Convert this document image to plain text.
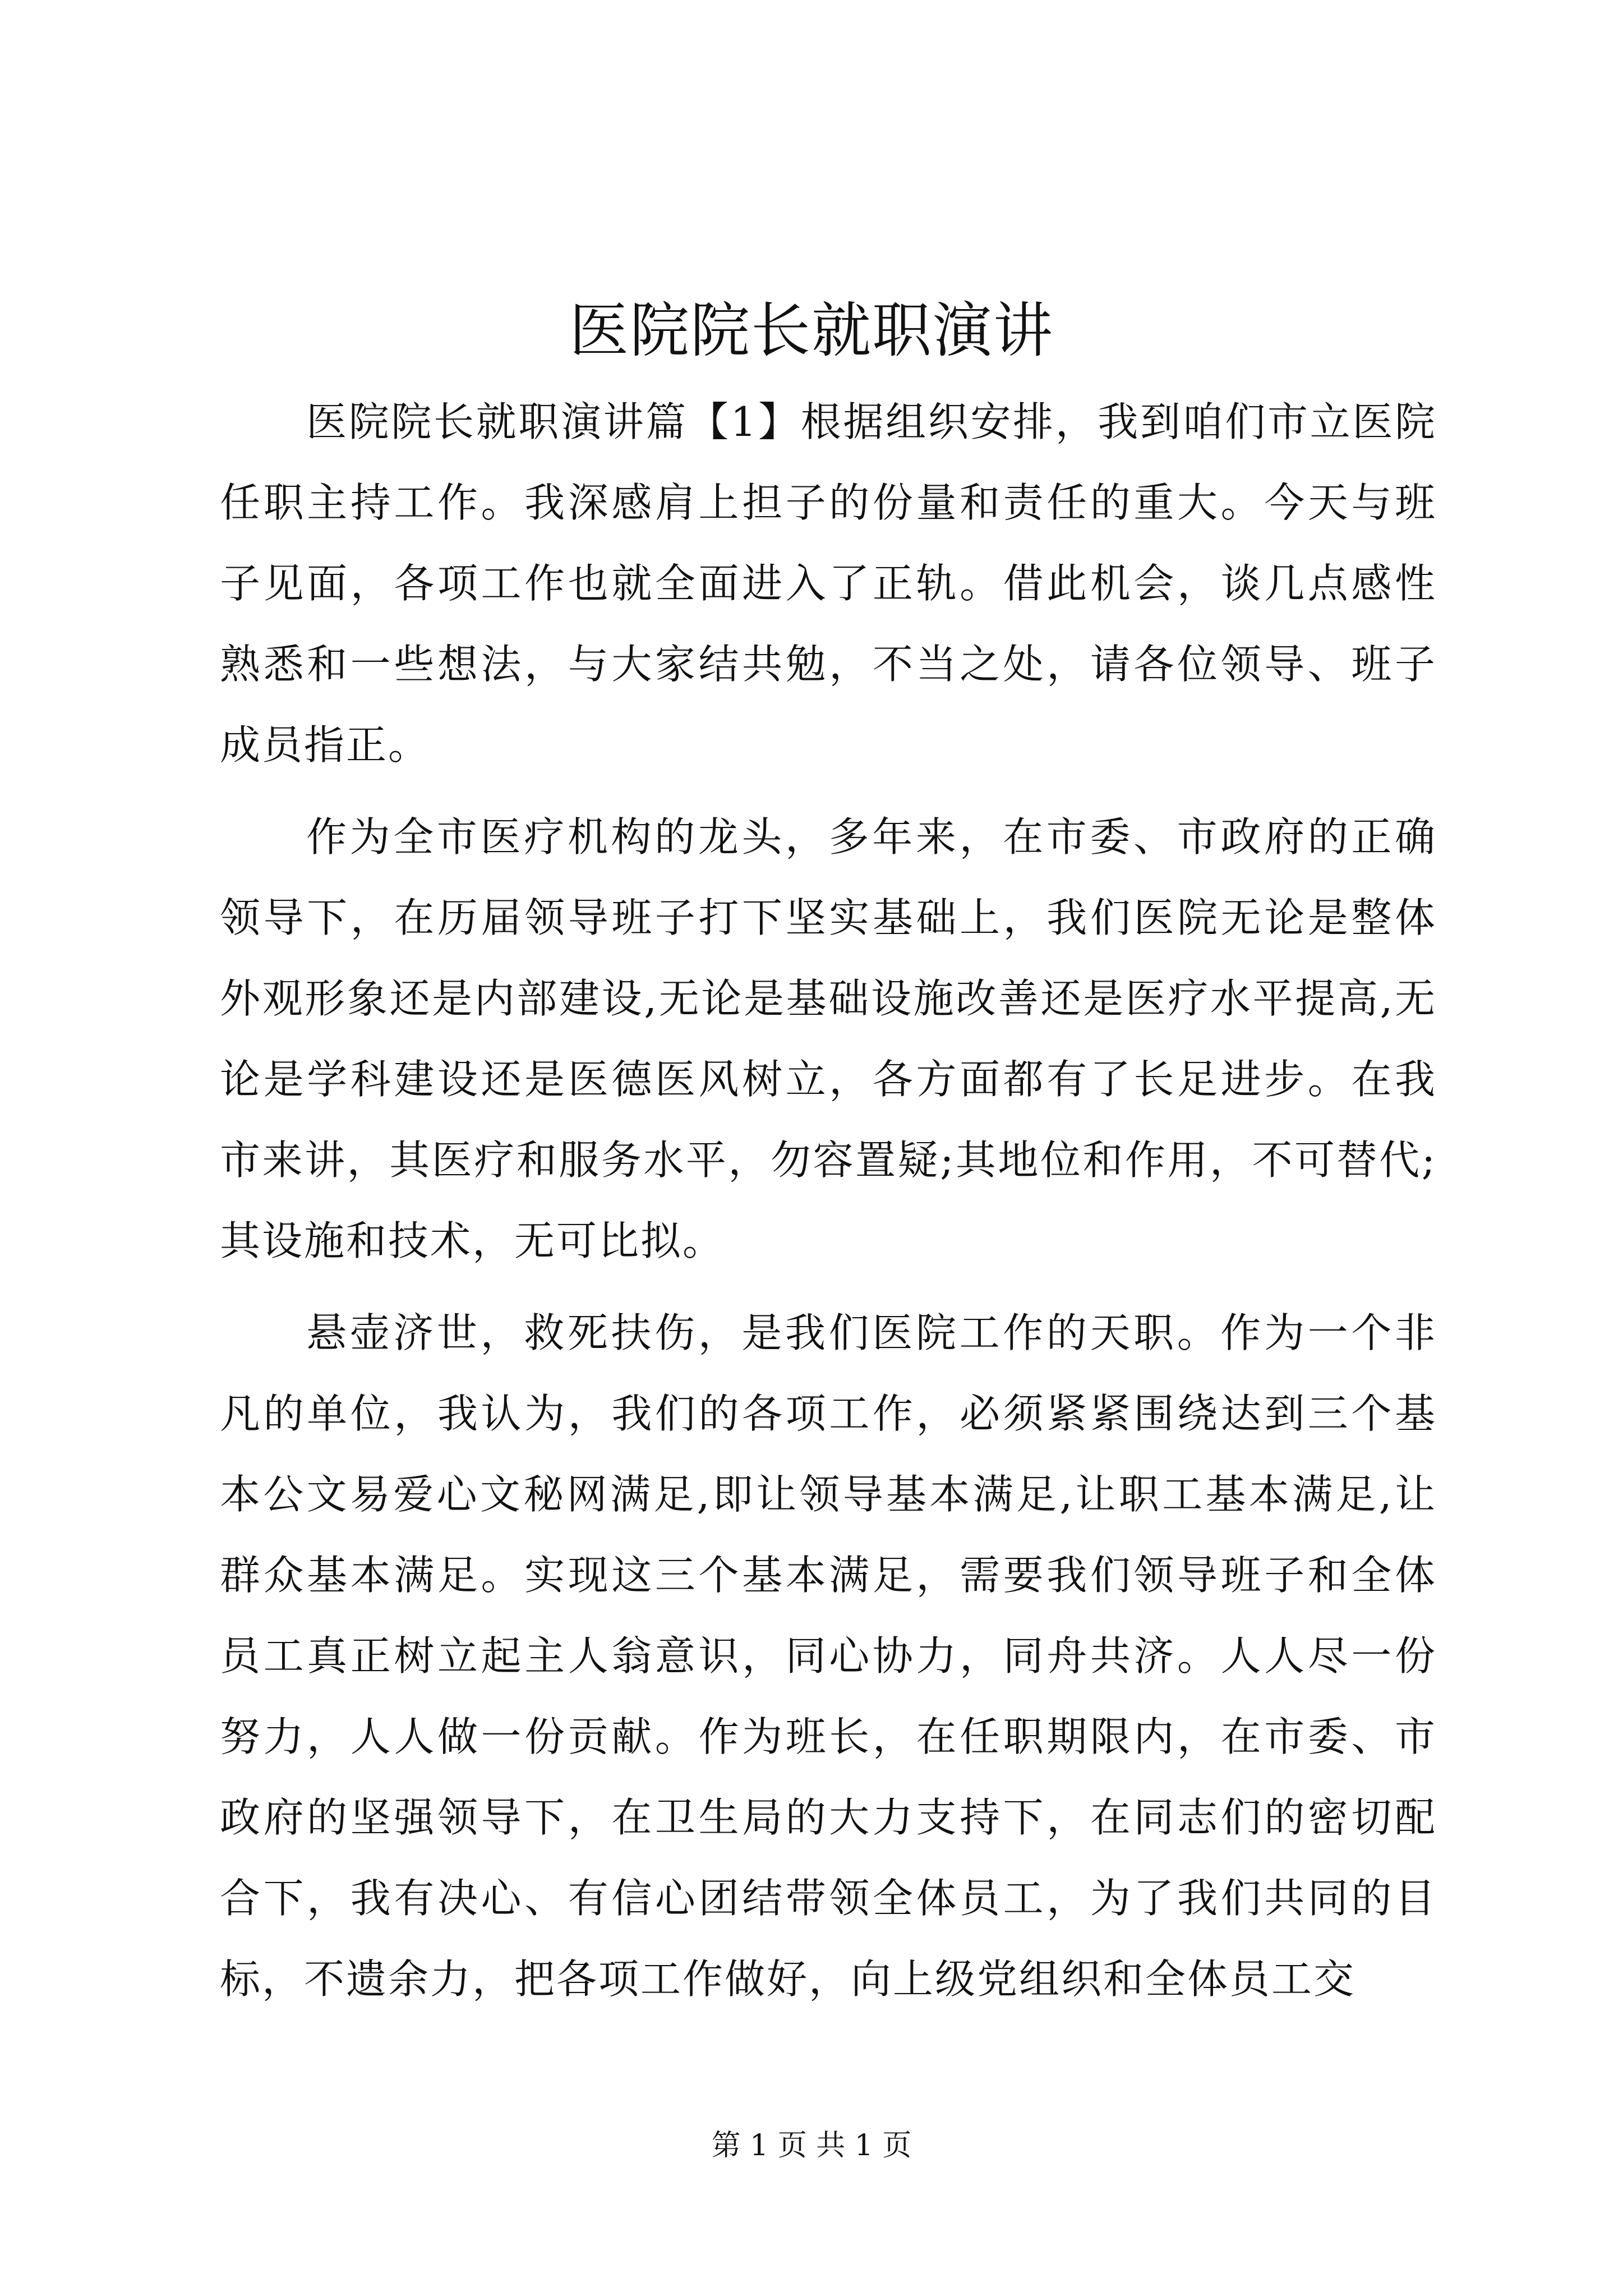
医院院长就职演讲

医院院长就职演讲篇【1】根据组织安排，我到咱们市立医院任职主持工作。我深感肩上担子的份量和责任的重大。今天与班子见面，各项工作也就全面进入了正轨。借此机会，谈几点感性熟悉和一些想法，与大家结共勉，不当之处，请各位领导、班子成员指正。

作为全市医疗机构的龙头，多年来，在市委、市政府的正确领导下，在历届领导班子打下坚实基础上，我们医院无论是整体外观形象还是内部建设,无论是基础设施改善还是医疗水平提高,无论是学科建设还是医德医风树立，各方面都有了长足进步。在我市来讲，其医疗和服务水平，勿容置疑;其地位和作用，不可替代;其设施和技术，无可比拟。

悬壶济世，救死扶伤，是我们医院工作的天职。作为一个非凡的单位，我认为，我们的各项工作，必须紧紧围绕达到三个基本公文易爱心文秘网满足,即让领导基本满足,让职工基本满足,让群众基本满足。实现这三个基本满足，需要我们领导班子和全体员工真正树立起主人翁意识，同心协力，同舟共济。人人尽一份努力，人人做一份贡献。作为班长，在任职期限内，在市委、市政府的坚强领导下，在卫生局的大力支持下，在同志们的密切配合下，我有决心、有信心团结带领全体员工，为了我们共同的目标，不遗余力，把各项工作做好，向上级党组织和全体员工交

第 1 页 共 1 页
